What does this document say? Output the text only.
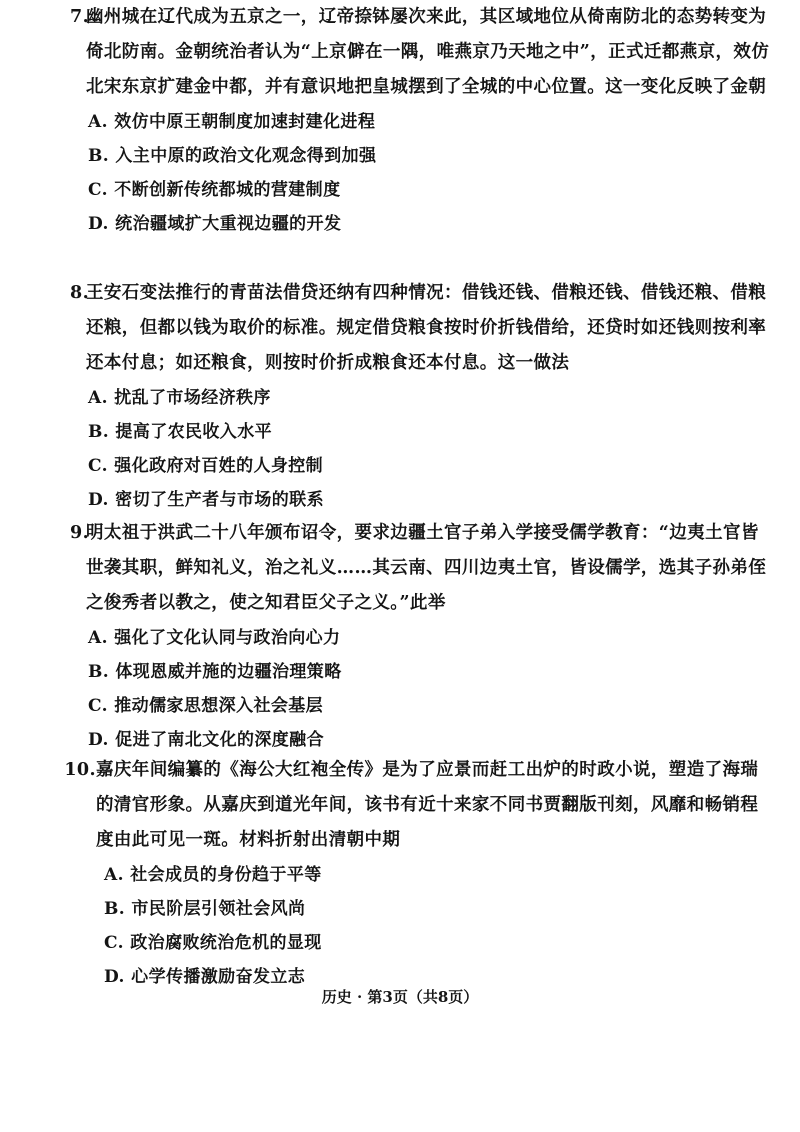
7.
幽州城在辽代成为五京之一，辽帝捺钵屡次来此，其区域地位从倚南防北的态势转变为倚北防南。金朝统治者认为“上京僻在一隅，唯燕京乃天地之中”，正式迁都燕京，效仿北宋东京扩建金中都，并有意识地把皇城摆到了全城的中心位置。这一变化反映了金朝
A. 效仿中原王朝制度加速封建化进程
B. 入主中原的政治文化观念得到加强
C. 不断创新传统都城的营建制度
D. 统治疆域扩大重视边疆的开发
8.
王安石变法推行的青苗法借贷还纳有四种情况：借钱还钱、借粮还钱、借钱还粮、借粮还粮，但都以钱为取价的标准。规定借贷粮食按时价折钱借给，还贷时如还钱则按利率还本付息；如还粮食，则按时价折成粮食还本付息。这一做法
A. 扰乱了市场经济秩序
B. 提高了农民收入水平
C. 强化政府对百姓的人身控制
D. 密切了生产者与市场的联系
9.
明太祖于洪武二十八年颁布诏令，要求边疆土官子弟入学接受儒学教育：“边夷土官皆世袭其职，鲜知礼义，治之礼义……其云南、四川边夷土官，皆设儒学，选其子孙弟侄之俊秀者以教之，使之知君臣父子之义。”此举
A. 强化了文化认同与政治向心力
B. 体现恩威并施的边疆治理策略
C. 推动儒家思想深入社会基层
D. 促进了南北文化的深度融合
10. 嘉庆年间编纂的《海公大红袍全传》是为了应景而赶工出炉的时政小说，塑造了海瑞的清官形象。从嘉庆到道光年间，该书有近十来家不同书贾翻版刊刻，风靡和畅销程度由此可见一斑。材料折射出清朝中期
A. 社会成员的身份趋于平等
B. 市民阶层引领社会风尚
C. 政治腐败统治危机的显现
D. 心学传播激励奋发立志
历史 · 第3页（共8页）
